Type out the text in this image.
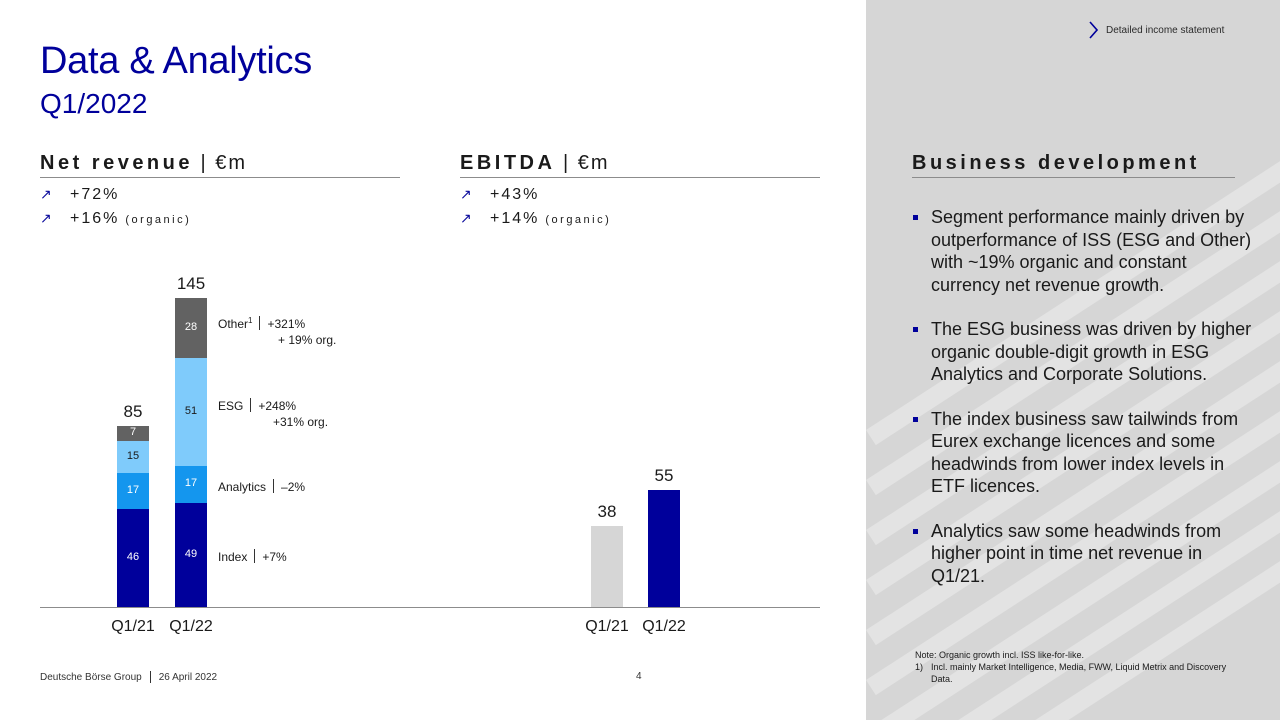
Detailed income statement
Data & Analytics
Q1/2022
Net revenue | €m
↗	+72%
↗	+16% (organic)
EBITDA | €m
↗	+43%
↗	+14% (organic)
Business development
Segment performance mainly driven by outperformance of ISS (ESG and Other) with ~19% organic and constant currency net revenue growth.
The ESG business was driven by higher organic double-digit growth in ESG Analytics and Corporate Solutions.
The index business saw tailwinds from Eurex exchange licences and some headwinds from lower index levels in ETF licences.
Analytics saw some headwinds from higher point in time net revenue in Q1/21.
46
17
15
7
85
Q1/21
49
17
51
28
145
Q1/22
38
Q1/21
55
Q1/22
Other$^1$ +321%
+ 19% org.
ESG +248%
+31% org.
Analytics –2%
Index +7%
Note: Organic growth incl. ISS like-for-like.
1) Incl. mainly Market Intelligence, Media, FWW, Liquid Metrix and Discovery Data.
Deutsche Börse Group 26 April 2022	4
